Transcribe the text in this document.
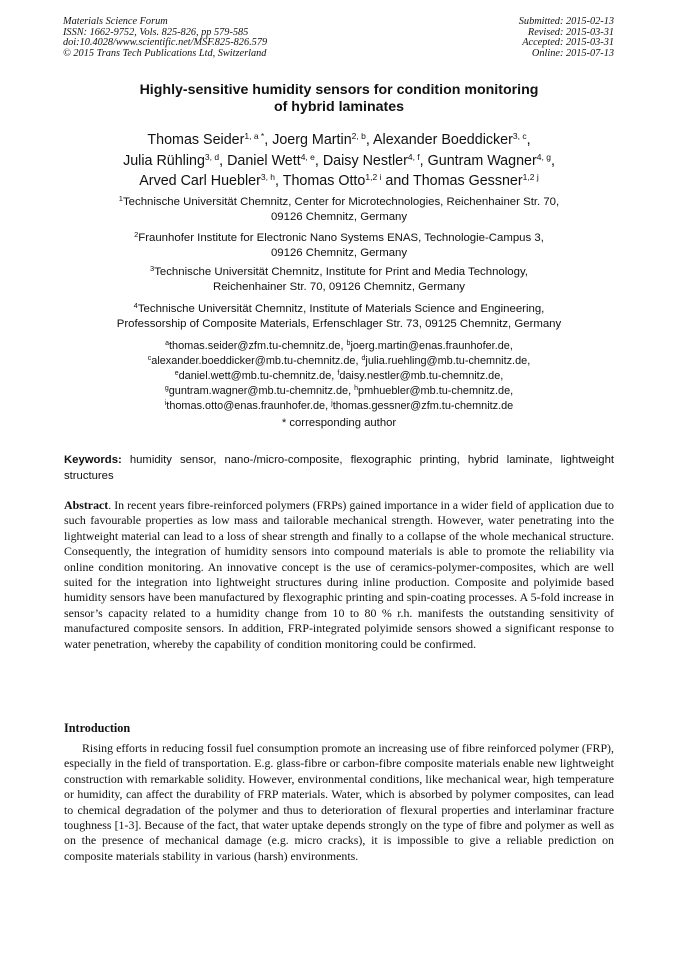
Materials Science Forum
ISSN: 1662-9752, Vols. 825-826, pp 579-585
doi:10.4028/www.scientific.net/MSF.825-826.579
© 2015 Trans Tech Publications Ltd, Switzerland
Submitted: 2015-02-13
Revised: 2015-03-31
Accepted: 2015-03-31
Online: 2015-07-13
Highly-sensitive humidity sensors for condition monitoring
of hybrid laminates
Thomas Seider$^{1, a *}$, Joerg Martin$^{2, b}$, Alexander Boeddicker$^{3, c}$,
Julia Rühling$^{3, d}$, Daniel Wett$^{4, e}$, Daisy Nestler$^{4, f}$, Guntram Wagner$^{4, g}$,
Arved Carl Huebler$^{3, h}$, Thomas Otto$^{1,2 i}$ and Thomas Gessner$^{1,2 j}$
$^1$Technische Universität Chemnitz, Center for Microtechnologies, Reichenhainer Str. 70,
09126 Chemnitz, Germany
$^2$Fraunhofer Institute for Electronic Nano Systems ENAS, Technologie-Campus 3,
09126 Chemnitz, Germany
$^3$Technische Universität Chemnitz, Institute for Print and Media Technology,
Reichenhainer Str. 70, 09126 Chemnitz, Germany
$^4$Technische Universität Chemnitz, Institute of Materials Science and Engineering,
Professorship of Composite Materials, Erfenschlager Str. 73, 09125 Chemnitz, Germany
$^a$thomas.seider@zfm.tu-chemnitz.de, $^b$joerg.martin@enas.fraunhofer.de,
$^c$alexander.boeddicker@mb.tu-chemnitz.de, $^d$julia.ruehling@mb.tu-chemnitz.de,
$^e$daniel.wett@mb.tu-chemnitz.de, $^f$daisy.nestler@mb.tu-chemnitz.de,
$^g$guntram.wagner@mb.tu-chemnitz.de, $^h$pmhuebler@mb.tu-chemnitz.de,
$^i$thomas.otto@enas.fraunhofer.de, $^j$thomas.gessner@zfm.tu-chemnitz.de
* corresponding author
Keywords: humidity sensor, nano-/micro-composite, flexographic printing, hybrid laminate, lightweight structures
Abstract. In recent years fibre-reinforced polymers (FRPs) gained importance in a wider field of application due to such favourable properties as low mass and tailorable mechanical strength. However, water penetrating into the lightweight material can lead to a loss of shear strength and finally to a collapse of the whole mechanical structure. Consequently, the integration of humidity sensors into compound materials is able to promote the reliability via online condition monitoring. An innovative concept is the use of ceramics-polymer-composites, which are well suited for the integration into lightweight structures during inline production. Composite and polyimide based humidity sensors have been manufactured by flexographic printing and spin-coating processes. A 5-fold increase in sensor’s capacity related to a humidity change from 10 to 80 % r.h. manifests the outstanding sensitivity of manufactured composite sensors. In addition, FRP-integrated polyimide sensors showed a significant response to water penetration, whereby the capability of condition monitoring could be confirmed.
Introduction
Rising efforts in reducing fossil fuel consumption promote an increasing use of fibre reinforced polymer (FRP), especially in the field of transportation. E.g. glass-fibre or carbon-fibre composite materials enable new lightweight construction with remarkable solidity. However, environmental conditions, like mechanical wear, high temperature or humidity, can affect the durability of FRP materials. Water, which is absorbed by polymer composites, can lead to chemical degradation of the polymer and thus to deterioration of flexural properties and interlaminar fracture toughness [1-3]. Because of the fact, that water uptake depends strongly on the type of fibre and polymer as well as on the presence of mechanical damage (e.g. micro cracks), it is impossible to give a reliable prediction on composite materials stability in various (harsh) environments.
